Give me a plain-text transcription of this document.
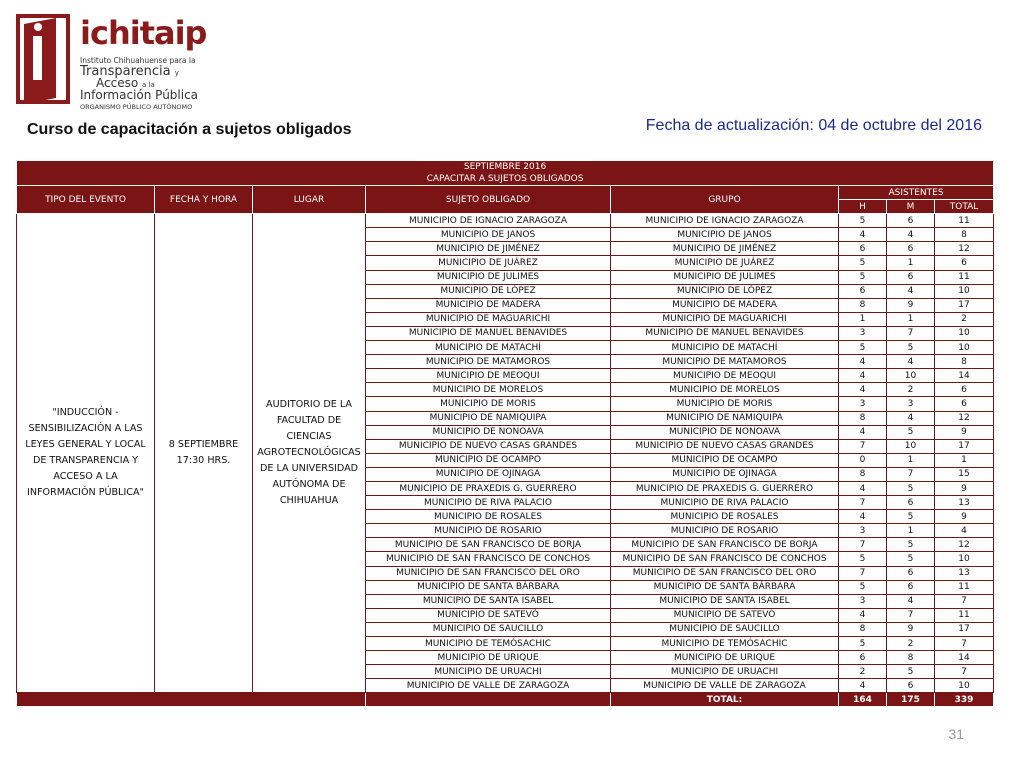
ichitaip
Instituto Chihuahuense para la
Transparencia y
Acceso a la
Información Pública
ORGANISMO PÚBLICO AUTÓNOMO
Curso de capacitación a sujetos obligados	Fecha de actualización: 04 de octubre del 2016
SEPTIEMBRE 2016
CAPACITAR A SUJETOS OBLIGADOS							

TIPO DEL EVENTO	FECHA Y HORA	LUGAR	SUJETO OBLIGADO	GRUPO	ASISTENTES		
					H	M	TOTAL
"INDUCCIÓN - SENSIBILIZACIÓN A LAS LEYES GENERAL Y LOCAL DE TRANSPARENCIA Y ACCESO A LA INFORMACIÓN PÚBLICA"	8 SEPTIEMBRE 17:30 HRS.	AUDITORIO DE LA FACULTAD DE CIENCIAS AGROTECNOLÓGICAS DE LA UNIVERSIDAD AUTÓNOMA DE CHIHUAHUA	MUNICIPIO DE IGNACIO ZARAGOZA	MUNICIPIO DE IGNACIO ZARAGOZA	5	6	11
			MUNICIPIO DE JANOS	MUNICIPIO DE JANOS	4	4	8
			MUNICIPIO DE JIMÉNEZ	MUNICIPIO DE JIMÉNEZ	6	6	12
			MUNICIPIO DE JUÁREZ	MUNICIPIO DE JUÁREZ	5	1	6
			MUNICIPIO DE JULIMES	MUNICIPIO DE JULIMES	5	6	11
			MUNICIPIO DE LÓPEZ	MUNICIPIO DE LÓPEZ	6	4	10
			MUNICIPIO DE MADERA	MUNICIPIO DE MADERA	8	9	17
			MUNICIPIO DE MAGUARICHI	MUNICIPIO DE MAGUARICHI	1	1	2
			MUNICIPIO DE MANUEL BENAVIDES	MUNICIPIO DE MANUEL BENAVIDES	3	7	10
			MUNICIPIO DE MATACHÍ	MUNICIPIO DE MATACHÍ	5	5	10
			MUNICIPIO DE MATAMOROS	MUNICIPIO DE MATAMOROS	4	4	8
			MUNICIPIO DE MEOQUI	MUNICIPIO DE MEOQUI	4	10	14
			MUNICIPIO DE MORELOS	MUNICIPIO DE MORELOS	4	2	6
			MUNICIPIO DE MORIS	MUNICIPIO DE MORIS	3	3	6
			MUNICIPIO DE NAMIQUIPA	MUNICIPIO DE NAMIQUIPA	8	4	12
			MUNICIPIO DE NONOAVA	MUNICIPIO DE NONOAVA	4	5	9
			MUNICIPIO DE NUEVO CASAS GRANDES	MUNICIPIO DE NUEVO CASAS GRANDES	7	10	17
			MUNICIPIO DE OCAMPO	MUNICIPIO DE OCAMPO	0	1	1
			MUNICIPIO DE OJINAGA	MUNICIPIO DE OJINAGA	8	7	15
			MUNICIPIO DE PRAXEDIS G. GUERRERO	MUNICIPIO DE PRAXEDIS G. GUERRERO	4	5	9
			MUNICIPIO DE RIVA PALACIO	MUNICIPIO DE RIVA PALACIO	7	6	13
			MUNICIPIO DE ROSALES	MUNICIPIO DE ROSALES	4	5	9
			MUNICIPIO DE ROSARIO	MUNICIPIO DE ROSARIO	3	1	4
			MUNICIPIO DE SAN FRANCISCO DE BORJA	MUNICIPIO DE SAN FRANCISCO DE BORJA	7	5	12
			MUNICIPIO DE SAN FRANCISCO DE CONCHOS	MUNICIPIO DE SAN FRANCISCO DE CONCHOS	5	5	10
			MUNICIPIO DE SAN FRANCISCO DEL ORO	MUNICIPIO DE SAN FRANCISCO DEL ORO	7	6	13
			MUNICIPIO DE SANTA BÁRBARA	MUNICIPIO DE SANTA BÁRBARA	5	6	11
			MUNICIPIO DE SANTA ISABEL	MUNICIPIO DE SANTA ISABEL	3	4	7
			MUNICIPIO DE SATEVÓ	MUNICIPIO DE SATEVÓ	4	7	11
			MUNICIPIO DE SAUCILLO	MUNICIPIO DE SAUCILLO	8	9	17
			MUNICIPIO DE TEMÓSACHIC	MUNICIPIO DE TEMÓSACHIC	5	2	7
			MUNICIPIO DE URIQUE	MUNICIPIO DE URIQUE	6	8	14
			MUNICIPIO DE URUACHI	MUNICIPIO DE URUACHI	2	5	7
			MUNICIPIO DE VALLE DE ZARAGOZA	MUNICIPIO DE VALLE DE ZARAGOZA	4	6	10
				TOTAL:	164	175	339
31
